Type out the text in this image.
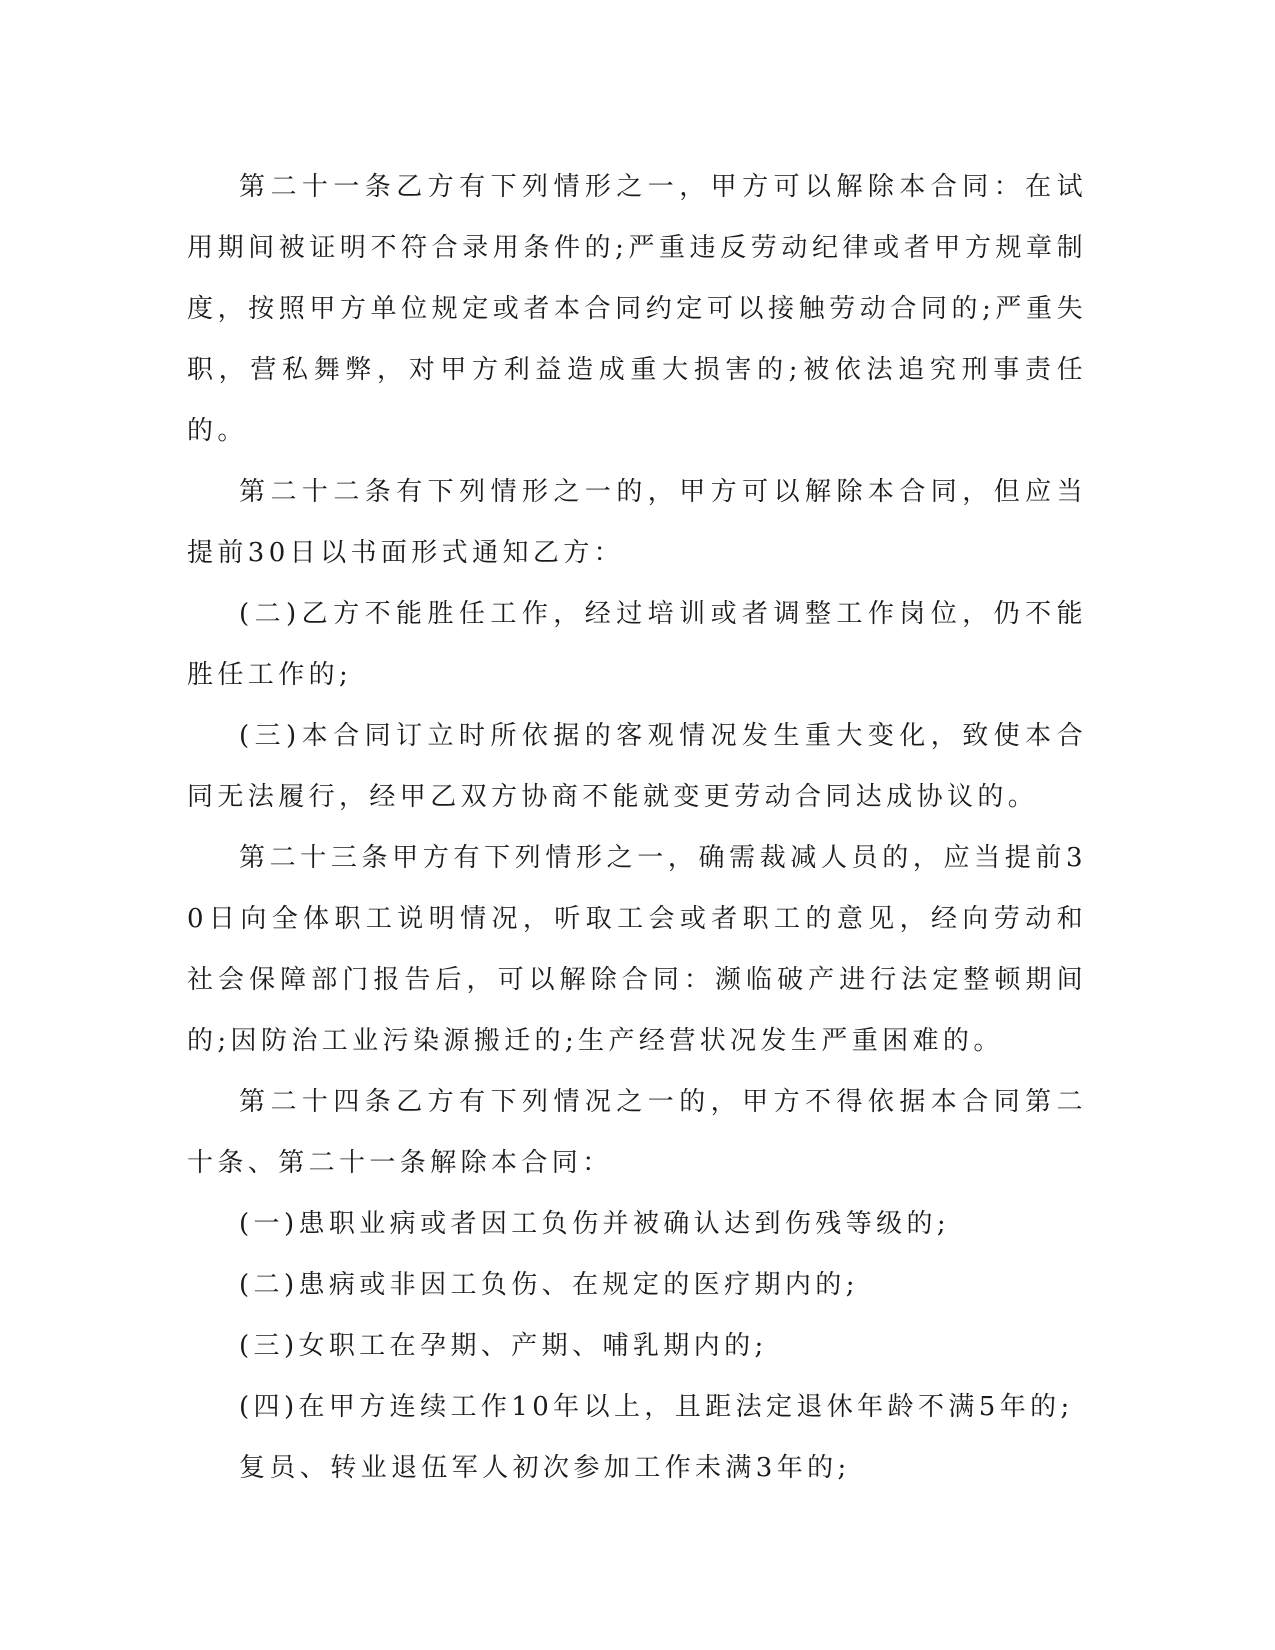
第二十一条乙方有下列情形之一，甲方可以解除本合同：在试用期间被证明不符合录用条件的;严重违反劳动纪律或者甲方规章制度，按照甲方单位规定或者本合同约定可以接触劳动合同的;严重失职，营私舞弊，对甲方利益造成重大损害的;被依法追究刑事责任的。

第二十二条有下列情形之一的，甲方可以解除本合同，但应当提前30日以书面形式通知乙方：

(二)乙方不能胜任工作，经过培训或者调整工作岗位，仍不能胜任工作的;

(三)本合同订立时所依据的客观情况发生重大变化，致使本合同无法履行，经甲乙双方协商不能就变更劳动合同达成协议的。

第二十三条甲方有下列情形之一，确需裁减人员的，应当提前30日向全体职工说明情况，听取工会或者职工的意见，经向劳动和社会保障部门报告后，可以解除合同：濒临破产进行法定整顿期间的;因防治工业污染源搬迁的;生产经营状况发生严重困难的。

第二十四条乙方有下列情况之一的，甲方不得依据本合同第二十条、第二十一条解除本合同：

(一)患职业病或者因工负伤并被确认达到伤残等级的;

(二)患病或非因工负伤、在规定的医疗期内的;

(三)女职工在孕期、产期、哺乳期内的;

(四)在甲方连续工作10年以上，且距法定退休年龄不满5年的;

复员、转业退伍军人初次参加工作未满3年的;
